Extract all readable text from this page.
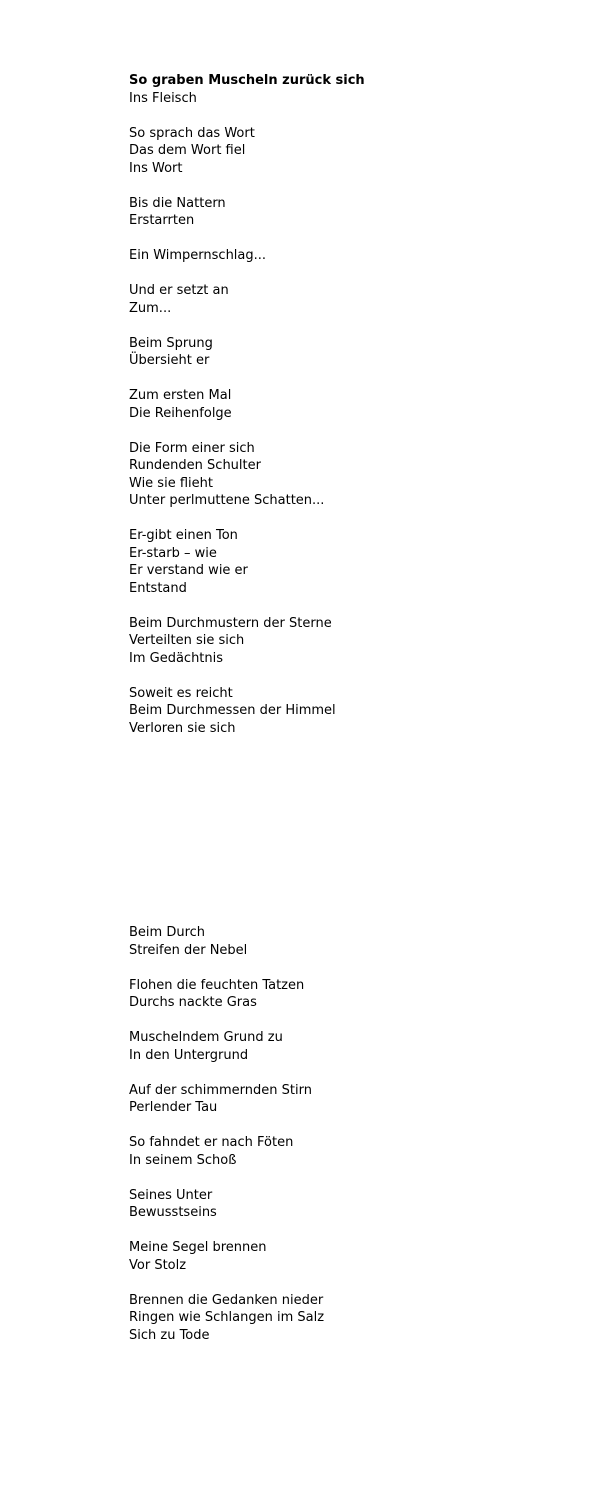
So graben Muscheln zurück sich
Ins Fleisch
So sprach das Wort
Das dem Wort fiel
Ins Wort
Bis die Nattern
Erstarrten
Ein Wimpernschlag...
Und er setzt an
Zum...
Beim Sprung
Übersieht er
Zum ersten Mal
Die Reihenfolge
Die Form einer sich
Rundenden Schulter
Wie sie flieht
Unter perlmuttene Schatten...
Er-gibt einen Ton
Er-starb – wie
Er verstand wie er
Entstand
Beim Durchmustern der Sterne
Verteilten sie sich
Im Gedächtnis
Soweit es reicht
Beim Durchmessen der Himmel
Verloren sie sich
Beim Durch
Streifen der Nebel
Flohen die feuchten Tatzen
Durchs nackte Gras
Muschelndem Grund zu
In den Untergrund
Auf der schimmernden Stirn
Perlender Tau
So fahndet er nach Föten
In seinem Schoß
Seines Unter
Bewusstseins
Meine Segel brennen
Vor Stolz
Brennen die Gedanken nieder
Ringen wie Schlangen im Salz
Sich zu Tode
